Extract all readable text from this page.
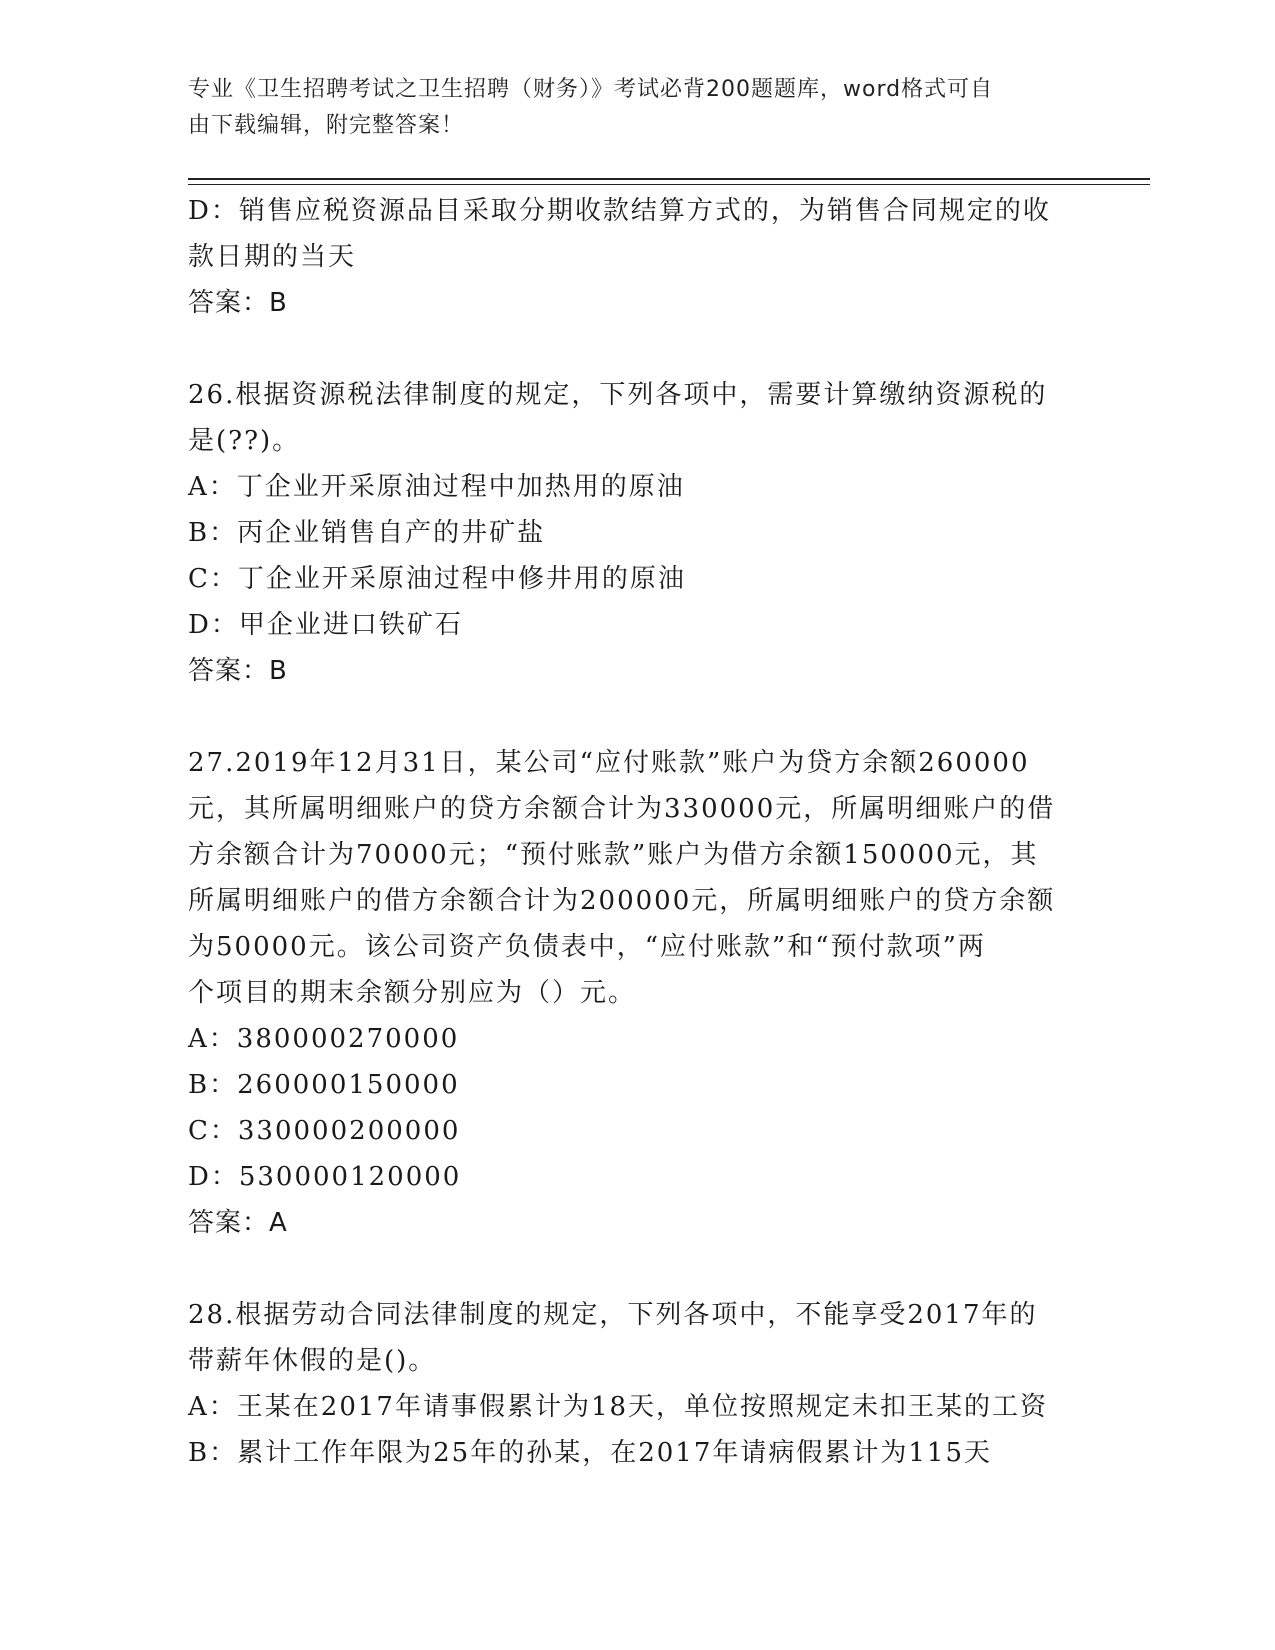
专业《卫生招聘考试之卫生招聘（财务）》考试必背200题题库，word格式可自
由下载编辑，附完整答案！
D：销售应税资源品目采取分期收款结算方式的，为销售合同规定的收
款日期的当天
答案：B
26.根据资源税法律制度的规定，下列各项中，需要计算缴纳资源税的
是(??)。
A：丁企业开采原油过程中加热用的原油
B：丙企业销售自产的井矿盐
C：丁企业开采原油过程中修井用的原油
D：甲企业进口铁矿石
答案：B
27.2019年12月31日，某公司“应付账款”账户为贷方余额260000
元，其所属明细账户的贷方余额合计为330000元，所属明细账户的借
方余额合计为70000元；“预付账款”账户为借方余额150000元，其
所属明细账户的借方余额合计为200000元，所属明细账户的贷方余额
为50000元。该公司资产负债表中，“应付账款”和“预付款项”两
个项目的期末余额分别应为（）元。
A：380000270000
B：260000150000
C：330000200000
D：530000120000
答案：A
28.根据劳动合同法律制度的规定，下列各项中，不能享受2017年的
带薪年休假的是()。
A：王某在2017年请事假累计为18天，单位按照规定未扣王某的工资
B：累计工作年限为25年的孙某，在2017年请病假累计为115天
